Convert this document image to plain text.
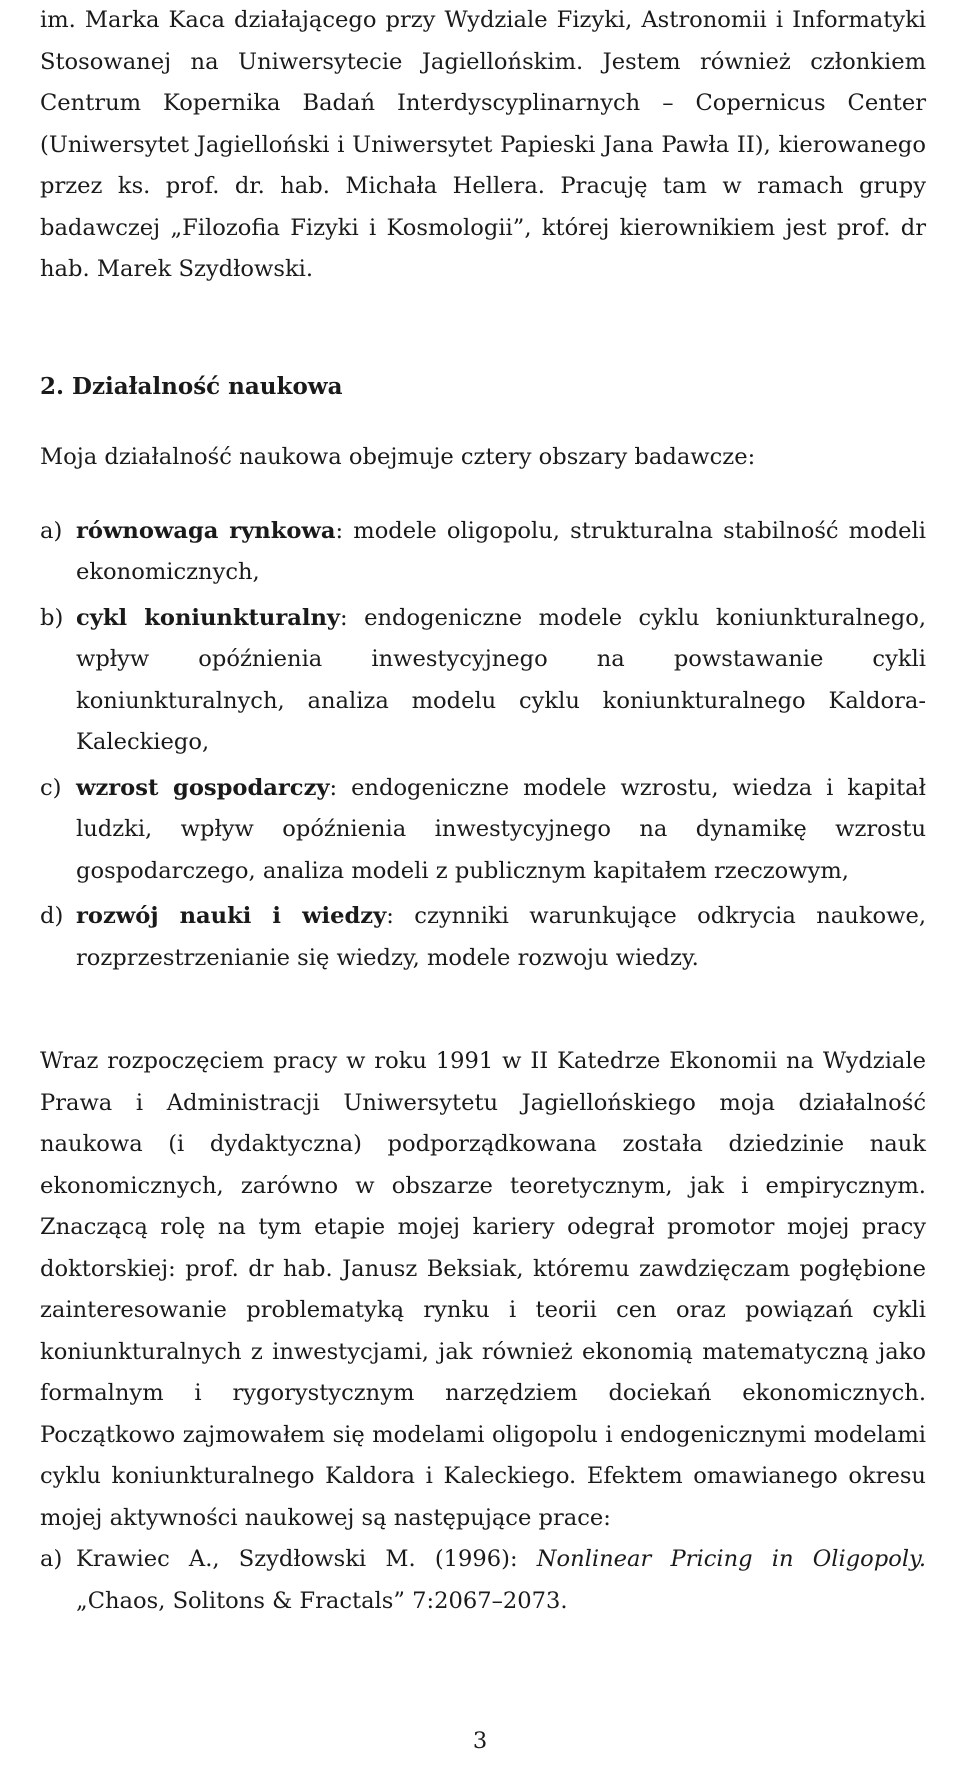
im. Marka Kaca działającego przy Wydziale Fizyki, Astronomii i Informatyki Stosowanej na Uniwersytecie Jagiellońskim. Jestem również członkiem Centrum Kopernika Badań Interdyscyplinarnych – Copernicus Center (Uniwersytet Jagielloński i Uniwersytet Papieski Jana Pawła II), kierowanego przez ks. prof. dr. hab. Michała Hellera. Pracuję tam w ramach grupy badawczej „Filozofia Fizyki i Kosmologii”, której kierownikiem jest prof. dr hab. Marek Szydłowski.

2. Działalność naukowa

Moja działalność naukowa obejmuje cztery obszary badawcze:

a) równowaga rynkowa: modele oligopolu, strukturalna stabilność modeli ekonomicznych,
b) cykl koniunkturalny: endogeniczne modele cyklu koniunkturalnego, wpływ opóźnienia inwestycyjnego na powstawanie cykli koniunkturalnych, analiza modelu cyklu koniunkturalnego Kaldora-Kaleckiego,
c) wzrost gospodarczy: endogeniczne modele wzrostu, wiedza i kapitał ludzki, wpływ opóźnienia inwestycyjnego na dynamikę wzrostu gospodarczego, analiza modeli z publicznym kapitałem rzeczowym,
d) rozwój nauki i wiedzy: czynniki warunkujące odkrycia naukowe, rozprzestrzenianie się wiedzy, modele rozwoju wiedzy.

Wraz rozpoczęciem pracy w roku 1991 w II Katedrze Ekonomii na Wydziale Prawa i Administracji Uniwersytetu Jagiellońskiego moja działalność naukowa (i dydaktyczna) podporządkowana została dziedzinie nauk ekonomicznych, zarówno w obszarze teoretycznym, jak i empirycznym. Znaczącą rolę na tym etapie mojej kariery odegrał promotor mojej pracy doktorskiej: prof. dr hab. Janusz Beksiak, któremu zawdzięczam pogłębione zainteresowanie problematyką rynku i teorii cen oraz powiązań cykli koniunkturalnych z inwestycjami, jak również ekonomią matematyczną jako formalnym i rygorystycznym narzędziem dociekań ekonomicznych. Początkowo zajmowałem się modelami oligopolu i endogenicznymi modelami cyklu koniunkturalnego Kaldora i Kaleckiego. Efektem omawianego okresu mojej aktywności naukowej są następujące prace:

a) Krawiec A., Szydłowski M. (1996): Nonlinear Pricing in Oligopoly. „Chaos, Solitons & Fractals” 7:2067–2073.
3
